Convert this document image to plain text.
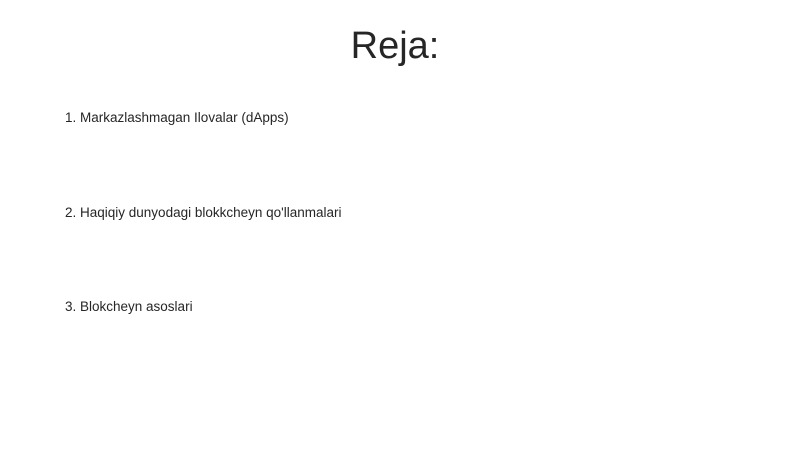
Reja:
1. Markazlashmagan Ilovalar (dApps)
2. Haqiqiy dunyodagi blokkcheyn qo'llanmalari
3. Blokcheyn asoslari
